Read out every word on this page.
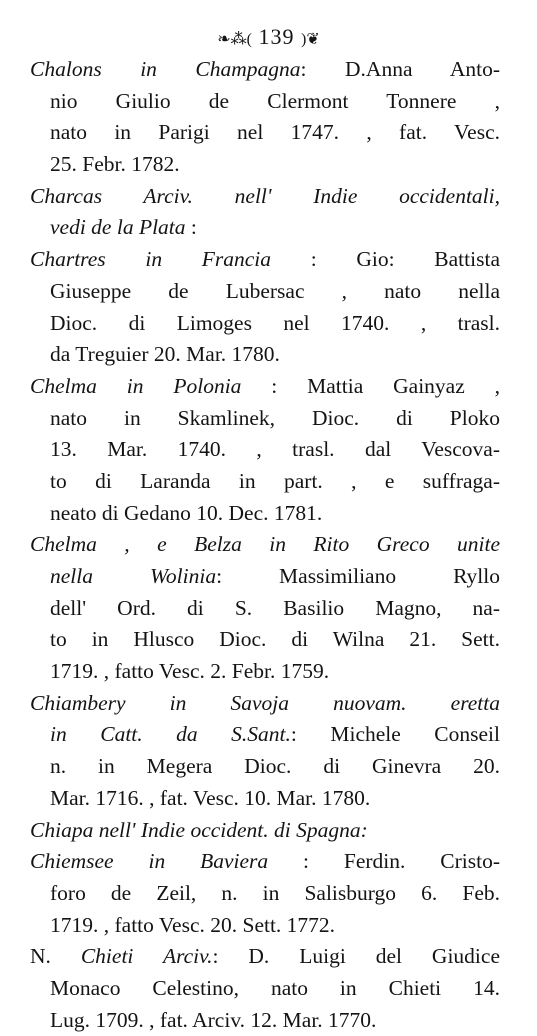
❧⁂( 139 )❦
Chalons in Champagna: D.Anna Anto-
nio Giulio de Clermont Tonnere ,
nato in Parigi nel 1747. , fat. Vesc.
25. Febr. 1782.
Charcas Arciv. nell' Indie occidentali,
vedi de la Plata :
Chartres in Francia : Gio: Battista
Giuseppe de Lubersac , nato nella
Dioc. di Limoges nel 1740. , trasl.
da Treguier 20. Mar. 1780.
Chelma in Polonia : Mattia Gainyaz ,
nato in Skamlinek, Dioc. di Ploko
13. Mar. 1740. , trasl. dal Vescova-
to di Laranda in part. , e suffraga-
neato di Gedano 10. Dec. 1781.
Chelma , e Belza in Rito Greco unite
nella Wolinia: Massimiliano Ryllo
dell' Ord. di S. Basilio Magno, na-
to in Hlusco Dioc. di Wilna 21. Sett.
1719. , fatto Vesc. 2. Febr. 1759.
Chiambery in Savoja nuovam. eretta
in Catt. da S.Sant.: Michele Conseil
n. in Megera Dioc. di Ginevra 20.
Mar. 1716. , fat. Vesc. 10. Mar. 1780.
Chiapa nell' Indie occident. di Spagna:
Chiemsee in Baviera : Ferdin. Cristo-
foro de Zeil, n. in Salisburgo 6. Feb.
1719. , fatto Vesc. 20. Sett. 1772.
N. Chieti Arciv.: D. Luigi del Giudice
Monaco Celestino, nato in Chieti 14.
Lug. 1709. , fat. Arciv. 12. Mar. 1770.
